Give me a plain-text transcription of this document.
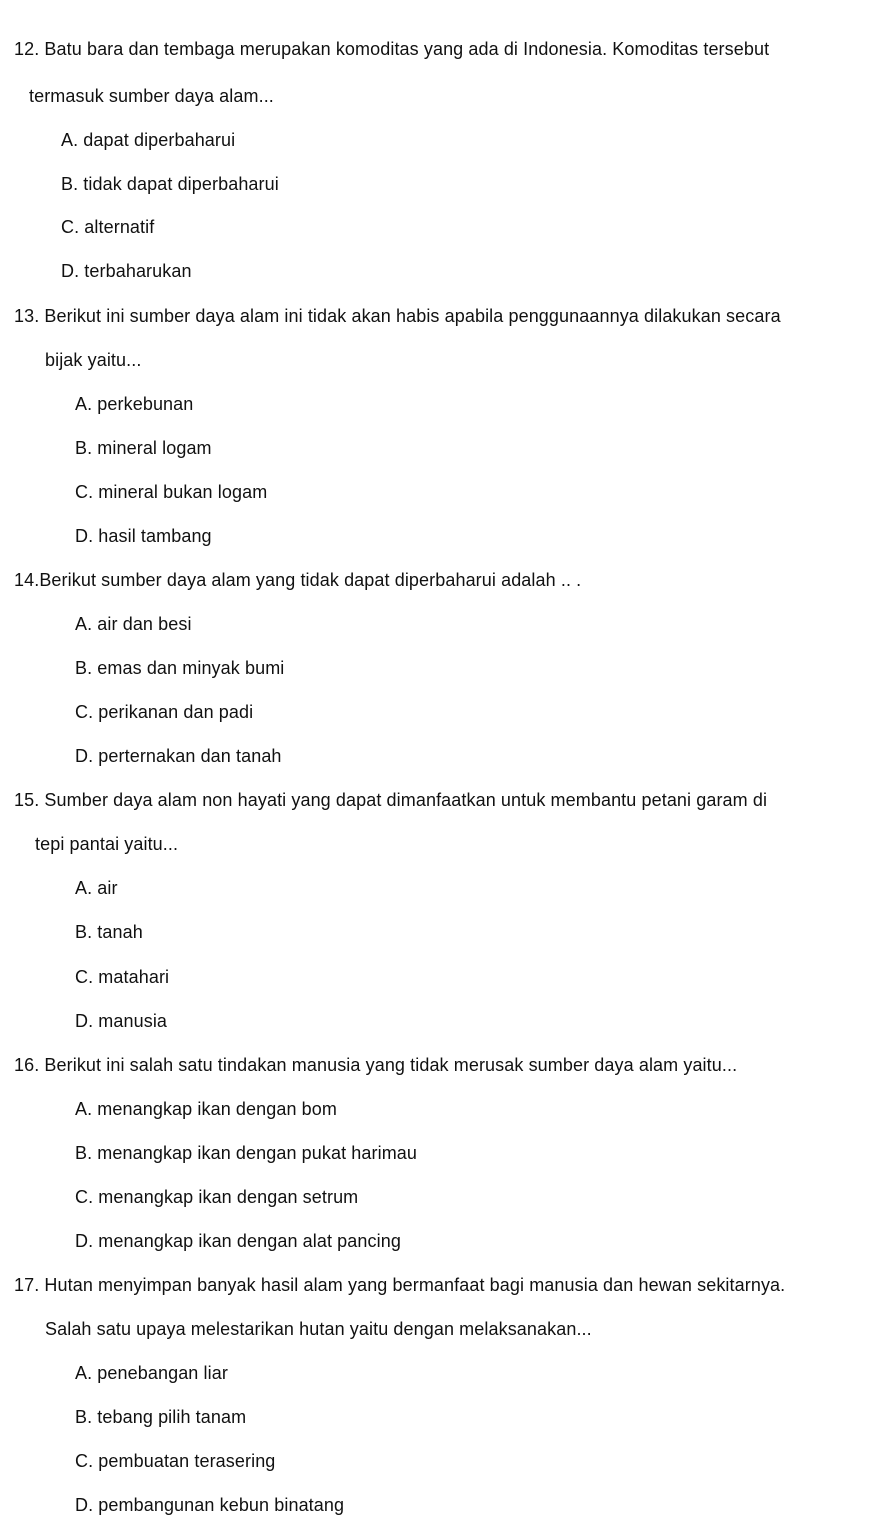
12. Batu bara dan tembaga merupakan komoditas yang ada di Indonesia. Komoditas tersebut
termasuk sumber daya alam...
A. dapat diperbaharui
B. tidak dapat diperbaharui
C. alternatif
D. terbaharukan
13. Berikut ini sumber daya alam ini tidak akan habis apabila penggunaannya dilakukan secara
bijak yaitu...
A. perkebunan
B. mineral logam
C. mineral bukan logam
D. hasil tambang
14.Berikut sumber daya alam yang tidak dapat diperbaharui adalah .. .
A. air dan besi
B. emas dan minyak bumi
C. perikanan dan padi
D. perternakan dan tanah
15. Sumber daya alam non hayati yang dapat dimanfaatkan untuk membantu petani garam di
tepi pantai yaitu...
A. air
B. tanah
C. matahari
D. manusia
16. Berikut ini salah satu tindakan manusia yang tidak merusak sumber daya alam yaitu...
A. menangkap ikan dengan bom
B. menangkap ikan dengan pukat harimau
C. menangkap ikan dengan setrum
D. menangkap ikan dengan alat pancing
17. Hutan menyimpan banyak hasil alam yang bermanfaat bagi manusia dan hewan sekitarnya.
Salah satu upaya melestarikan hutan yaitu dengan melaksanakan...
A. penebangan liar
B. tebang pilih tanam
C. pembuatan terasering
D. pembangunan kebun binatang
